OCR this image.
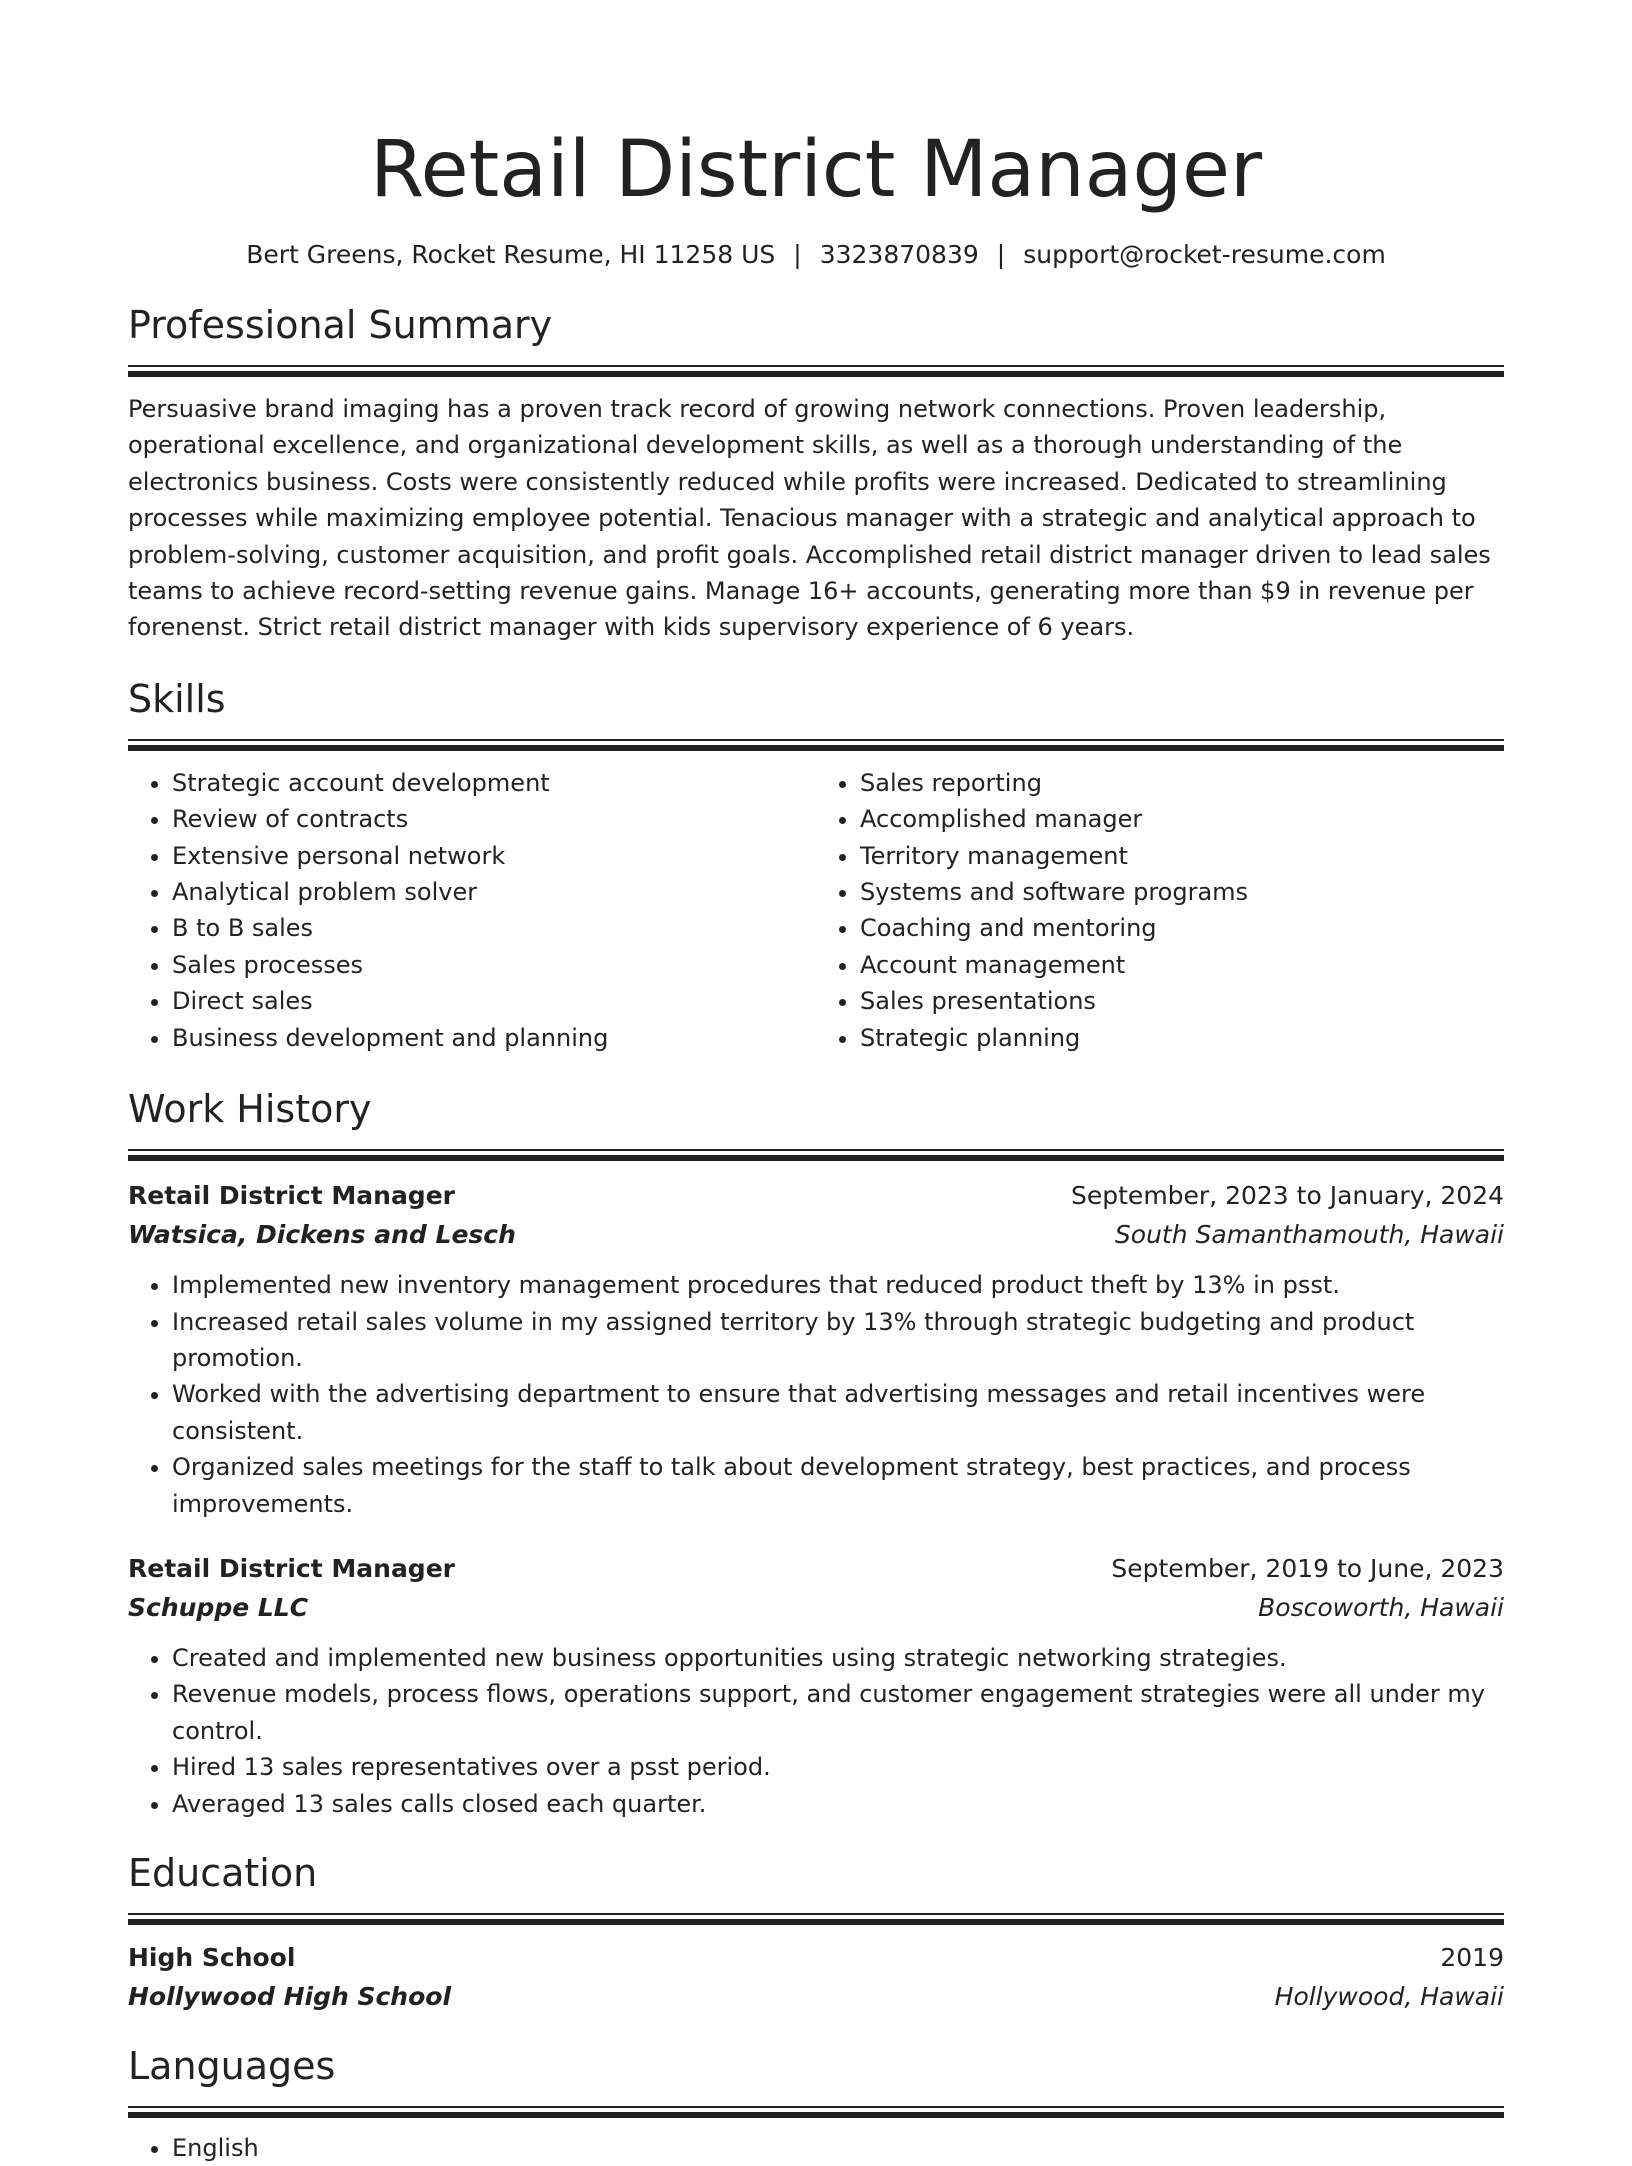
Retail District Manager
Bert Greens, Rocket Resume, HI 11258 US | 3323870839 | support@rocket-resume.com
Professional Summary

Persuasive brand imaging has a proven track record of growing network connections. Proven leadership, operational excellence, and organizational development skills, as well as a thorough understanding of the electronics business. Costs were consistently reduced while profits were increased. Dedicated to streamlining processes while maximizing employee potential. Tenacious manager with a strategic and analytical approach to problem-solving, customer acquisition, and profit goals. Accomplished retail district manager driven to lead sales teams to achieve record-setting revenue gains. Manage 16+ accounts, generating more than $9 in revenue per forenenst. Strict retail district manager with kids supervisory experience of 6 years.

Skills
• Strategic account development
• Review of contracts
• Extensive personal network
• Analytical problem solver
• B to B sales
• Sales processes
• Direct sales
• Business development and planning
• Sales reporting
• Accomplished manager
• Territory management
• Systems and software programs
• Coaching and mentoring
• Account management
• Sales presentations
• Strategic planning
Work History
Retail District Manager	September, 2023 to January, 2024
Watsica, Dickens and Lesch	South Samanthamouth, Hawaii
• Implemented new inventory management procedures that reduced product theft by 13% in psst.
• Increased retail sales volume in my assigned territory by 13% through strategic budgeting and product promotion.
• Worked with the advertising department to ensure that advertising messages and retail incentives were consistent.
• Organized sales meetings for the staff to talk about development strategy, best practices, and process improvements.
Retail District Manager	September, 2019 to June, 2023
Schuppe LLC	Boscoworth, Hawaii
• Created and implemented new business opportunities using strategic networking strategies.
• Revenue models, process flows, operations support, and customer engagement strategies were all under my control.
• Hired 13 sales representatives over a psst period.
• Averaged 13 sales calls closed each quarter.
Education
High School	2019
Hollywood High School	Hollywood, Hawaii
Languages
• English
